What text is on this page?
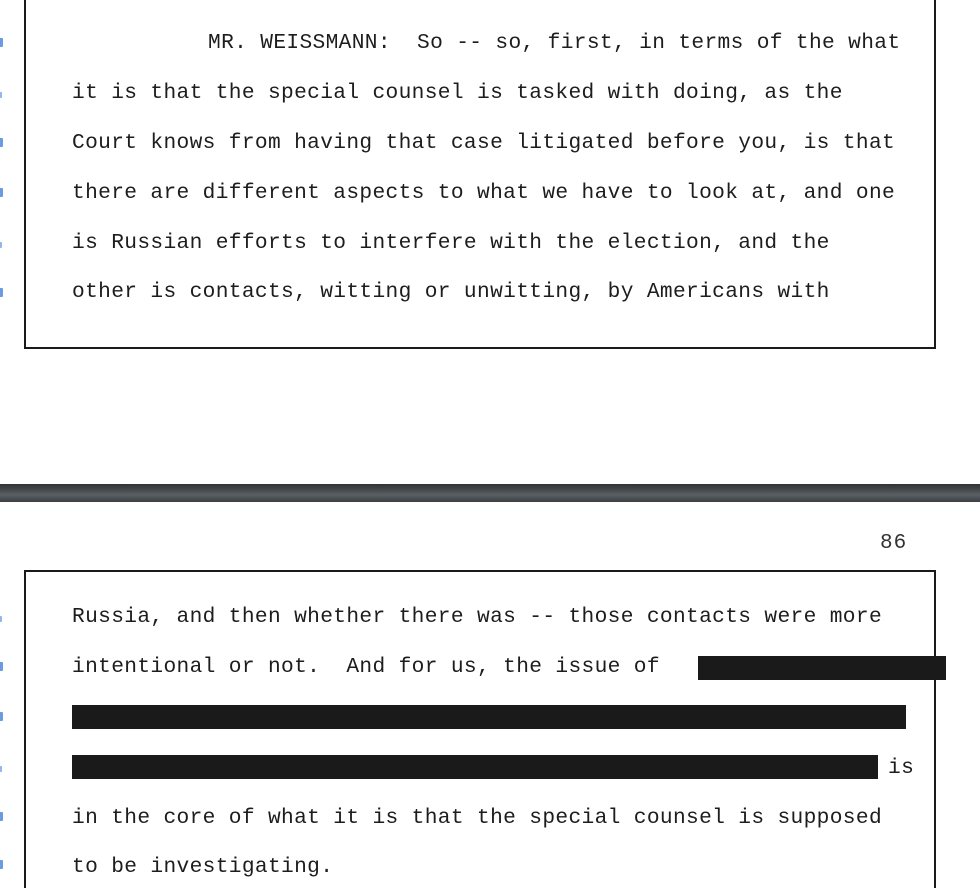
MR. WEISSMANN:  So -- so, first, in terms of the what
it is that the special counsel is tasked with doing, as the
Court knows from having that case litigated before you, is that
there are different aspects to what we have to look at, and one
is Russian efforts to interfere with the election, and the
other is contacts, witting or unwitting, by Americans with
Russia, and then whether there was -- those contacts were more
intentional or not.  And for us, the issue of
is
in the core of what it is that the special counsel is supposed
to be investigating.
86
